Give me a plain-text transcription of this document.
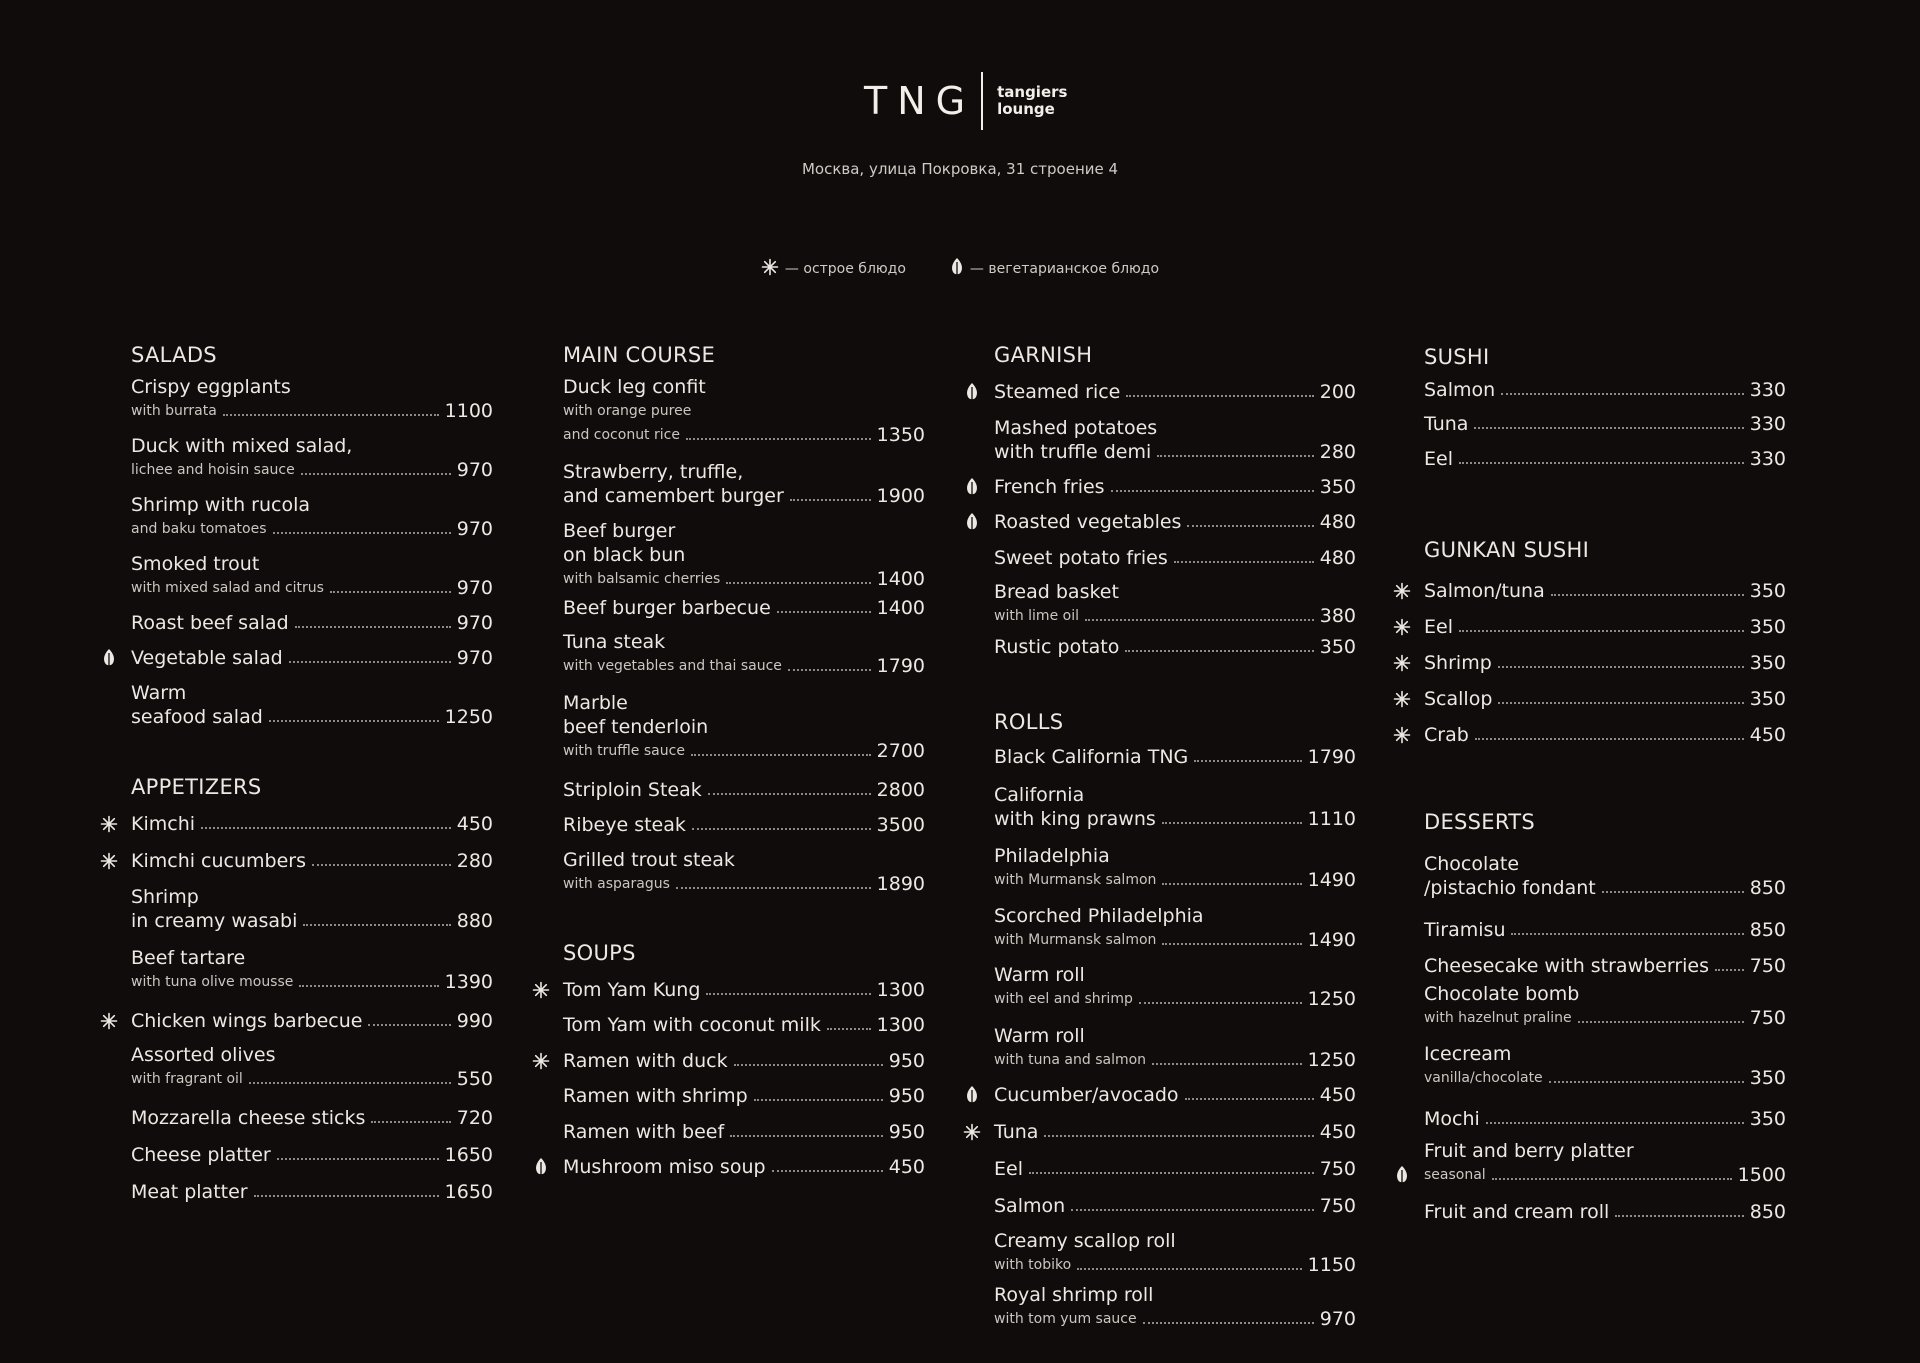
TNG tangiers
lounge
Москва, улица Покровка, 31 строение 4
— острое блюдо	— вегетарианское блюдо
SALADS
Crispy eggplants
with burrata	1100
Duck with mixed salad,
lichee and hoisin sauce	970
Shrimp with rucola
and baku tomatoes	970
Smoked trout
with mixed salad and citrus	970
Roast beef salad	970
Vegetable salad	970
Warm
seafood salad	1250
APPETIZERS
Kimchi	450
Kimchi cucumbers	280
Shrimp
in creamy wasabi	880
Beef tartare
with tuna olive mousse	1390
Chicken wings barbecue	990
Assorted olives
with fragrant oil	550
Mozzarella cheese sticks	720
Cheese platter	1650
Meat platter	1650
MAIN COURSE
Duck leg confit
with orange puree
and coconut rice	1350
Strawberry, truffle,
and camembert burger	1900
Beef burger
on black bun
with balsamic cherries	1400
Beef burger barbecue	1400
Tuna steak
with vegetables and thai sauce	1790
Marble
beef tenderloin
with truffle sauce	2700
Striploin Steak	2800
Ribeye steak	3500
Grilled trout steak
with asparagus	1890
SOUPS
Tom Yam Kung	1300
Tom Yam with coconut milk	1300
Ramen with duck	950
Ramen with shrimp	950
Ramen with beef	950
Mushroom miso soup	450
GARNISH
Steamed rice	200
Mashed potatoes
with truffle demi	280
French fries	350
Roasted vegetables	480
Sweet potato fries	480
Bread basket
with lime oil	380
Rustic potato	350
ROLLS
Black California TNG	1790
California
with king prawns	1110
Philadelphia
with Murmansk salmon	1490
Scorched Philadelphia
with Murmansk salmon	1490
Warm roll
with eel and shrimp	1250
Warm roll
with tuna and salmon	1250
Cucumber/avocado	450
Tuna	450
Eel	750
Salmon	750
Creamy scallop roll
with tobiko	1150
Royal shrimp roll
with tom yum sauce	970
SUSHI
Salmon	330
Tuna	330
Eel	330
GUNKAN SUSHI
Salmon/tuna	350
Eel	350
Shrimp	350
Scallop	350
Crab	450
DESSERTS
Chocolate
/pistachio fondant	850
Tiramisu	850
Cheesecake with strawberries 750
Chocolate bomb
with hazelnut praline	750
Icecream
vanilla/chocolate	350
Mochi	350
Fruit and berry platter
seasonal	1500
Fruit and cream roll	850
